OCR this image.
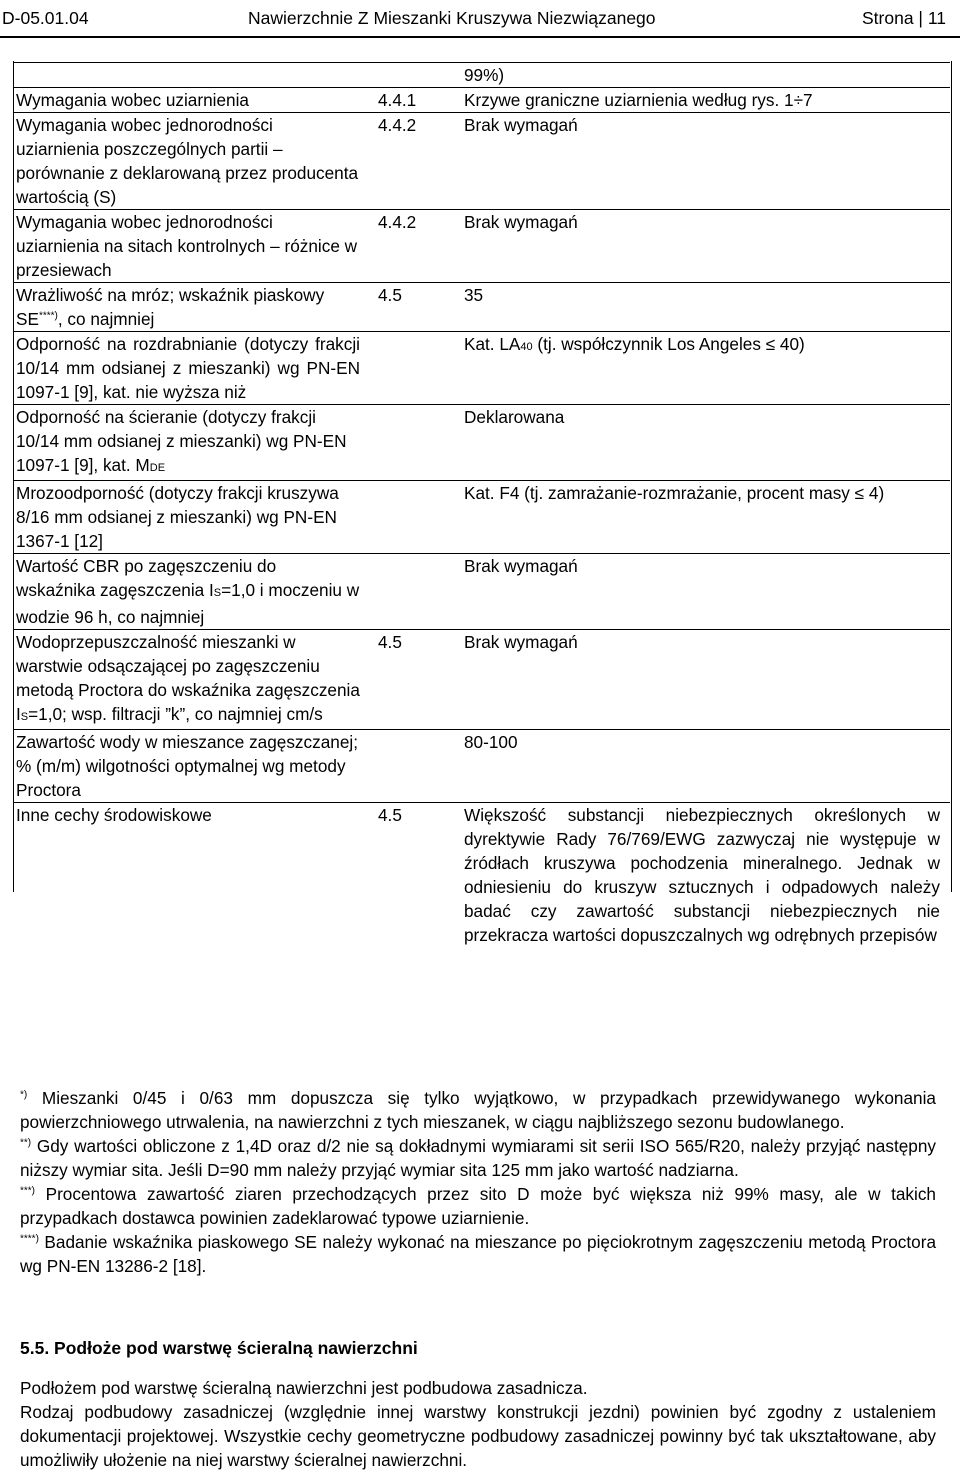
D-05.01.04	Nawierzchnie Z Mieszanki Kruszywa Niezwiązanego	Strona | 11
		99%)
Wymagania wobec uziarnienia	4.4.1	Krzywe graniczne uziarnienia według rys. 1÷7
Wymagania wobec jednorodności uziarnienia poszczególnych partii – porównanie z deklarowaną przez producenta wartością (S)	4.4.2	Brak wymagań
Wymagania wobec jednorodności uziarnienia na sitach kontrolnych – różnice w przesiewach	4.4.2	Brak wymagań
Wrażliwość na mróz; wskaźnik piaskowy SE****), co najmniej	4.5	35
Odporność na rozdrabnianie (dotyczy frakcji 10/14 mm odsianej z mieszanki) wg PN-EN 1097-1 [9], kat. nie wyższa niż		Kat. LA40 (tj. współczynnik Los Angeles ≤ 40)
Odporność na ścieranie (dotyczy frakcji 10/14 mm odsianej z mieszanki) wg PN-EN 1097-1 [9], kat. MDE		Deklarowana
Mrozoodporność (dotyczy frakcji kruszywa 8/16 mm odsianej z mieszanki) wg PN-EN 1367-1 [12]		Kat. F4 (tj. zamrażanie-rozmrażanie, procent masy ≤ 4)
Wartość CBR po zagęszczeniu do wskaźnika zagęszczenia IS=1,0 i moczeniu w wodzie 96 h, co najmniej		Brak wymagań
Wodoprzepuszczalność mieszanki w warstwie odsączającej po zagęszczeniu metodą Proctora do wskaźnika zagęszczenia IS=1,0; wsp. filtracji ”k”, co najmniej cm/s	4.5	Brak wymagań
Zawartość wody w mieszance zagęszczanej; % (m/m) wilgotności optymalnej wg metody Proctora		80-100
Inne cechy środowiskowe	4.5	Większość substancji niebezpiecznych określonych w dyrektywie Rady 76/769/EWG zazwyczaj nie występuje w źródłach kruszywa pochodzenia mineralnego. Jednak w odniesieniu do kruszyw sztucznych i odpadowych należy badać czy zawartość substancji niebezpiecznych nie przekracza wartości dopuszczalnych wg odrębnych przepisów

*) Mieszanki 0/45 i 0/63 mm dopuszcza się tylko wyjątkowo, w przypadkach przewidywanego wykonania powierzchniowego utrwalenia, na nawierzchni z tych mieszanek, w ciągu najbliższego sezonu budowlanego.

**) Gdy wartości obliczone z 1,4D oraz d/2 nie są dokładnymi wymiarami sit serii ISO 565/R20, należy przyjąć następny niższy wymiar sita. Jeśli D=90 mm należy przyjąć wymiar sita 125 mm jako wartość nadziarna.

***) Procentowa zawartość ziaren przechodzących przez sito D może być większa niż 99% masy, ale w takich przypadkach dostawca powinien zadeklarować typowe uziarnienie.

****) Badanie wskaźnika piaskowego SE należy wykonać na mieszance po pięciokrotnym zagęszczeniu metodą Proctora wg PN-EN 13286-2 [18].

5.5. Podłoże pod warstwę ścieralną nawierzchni

Podłożem pod warstwę ścieralną nawierzchni jest podbudowa zasadnicza.

Rodzaj podbudowy zasadniczej (względnie innej warstwy konstrukcji jezdni) powinien być zgodny z ustaleniem dokumentacji projektowej. Wszystkie cechy geometryczne podbudowy zasadniczej powinny być tak ukształtowane, aby umożliwiły ułożenie na niej warstwy ścieralnej nawierzchni.
